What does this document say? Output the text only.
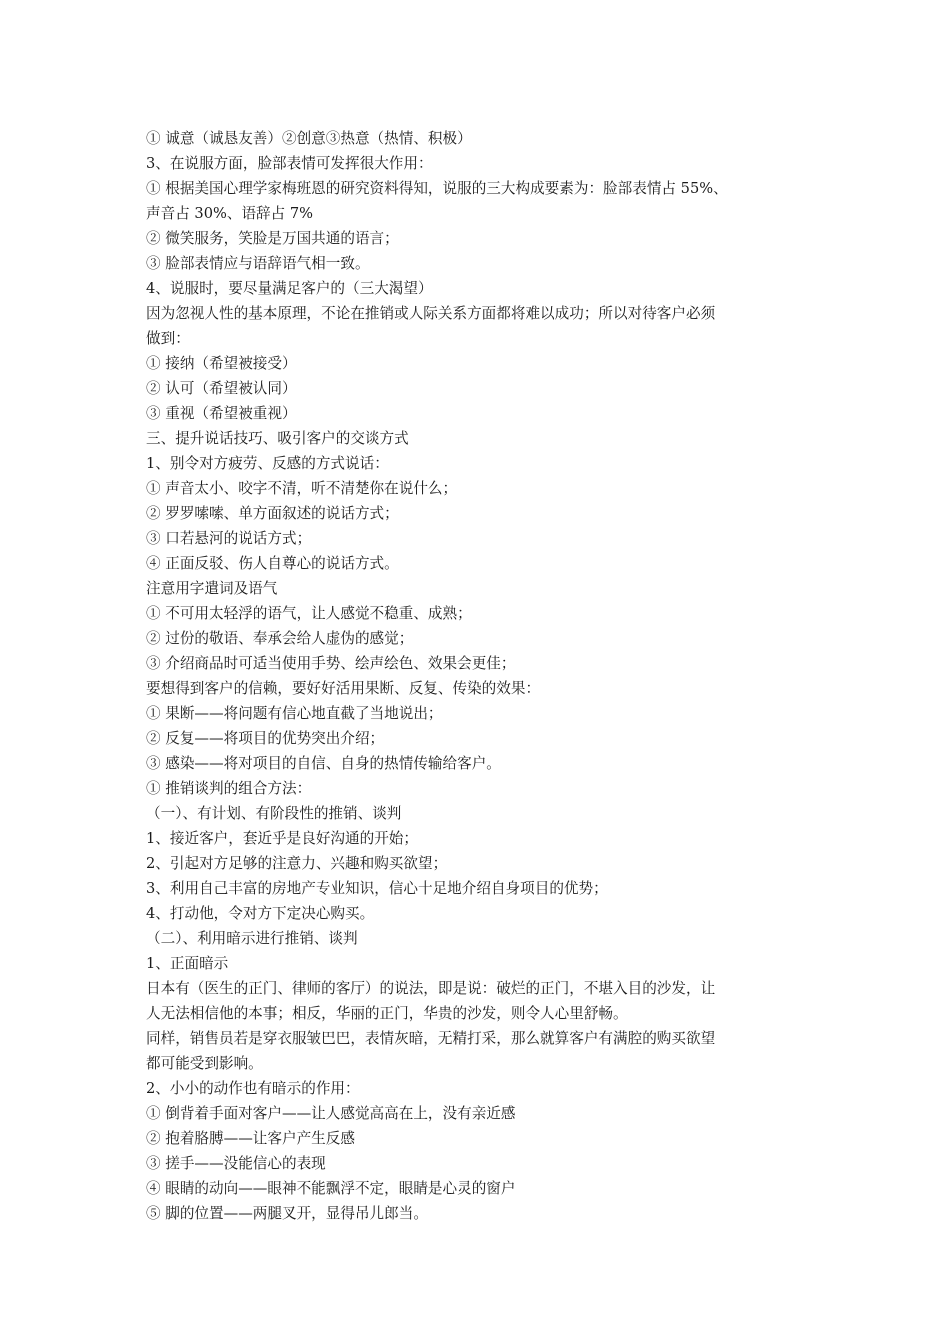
① 诚意（诚恳友善）②创意③热意（热情、积极）
3、在说服方面，脸部表情可发挥很大作用：
① 根据美国心理学家梅班恩的研究资料得知，说服的三大构成要素为：脸部表情占 55%、
声音占 30%、语辞占 7%
② 微笑服务，笑脸是万国共通的语言；
③ 脸部表情应与语辞语气相一致。
4、说服时，要尽量满足客户的（三大渴望）
因为忽视人性的基本原理，不论在推销或人际关系方面都将难以成功；所以对待客户必须
做到：
① 接纳（希望被接受）
② 认可（希望被认同）
③ 重视（希望被重视）
三、提升说话技巧、吸引客户的交谈方式
1、别令对方疲劳、反感的方式说话：
① 声音太小、咬字不清，听不清楚你在说什么；
② 罗罗嗦嗦、单方面叙述的说话方式；
③ 口若悬河的说话方式；
④ 正面反驳、伤人自尊心的说话方式。
注意用字遣词及语气
① 不可用太轻浮的语气，让人感觉不稳重、成熟；
② 过份的敬语、奉承会给人虚伪的感觉；
③ 介绍商品时可适当使用手势、绘声绘色、效果会更佳；
要想得到客户的信赖，要好好活用果断、反复、传染的效果：
① 果断——将问题有信心地直截了当地说出；
② 反复——将项目的优势突出介绍；
③ 感染——将对项目的自信、自身的热情传输给客户。
① 推销谈判的组合方法：
（一）、有计划、有阶段性的推销、谈判
1、接近客户，套近乎是良好沟通的开始；
2、引起对方足够的注意力、兴趣和购买欲望；
3、利用自己丰富的房地产专业知识，信心十足地介绍自身项目的优势；
4、打动他，令对方下定决心购买。
（二）、利用暗示进行推销、谈判
1、正面暗示
日本有（医生的正门、律师的客厅）的说法，即是说：破烂的正门，不堪入目的沙发，让
人无法相信他的本事；相反，华丽的正门，华贵的沙发，则令人心里舒畅。
同样，销售员若是穿衣服皱巴巴，表情灰暗，无精打采，那么就算客户有满腔的购买欲望
都可能受到影响。
2、小小的动作也有暗示的作用：
① 倒背着手面对客户——让人感觉高高在上，没有亲近感
② 抱着胳膊——让客户产生反感
③ 搓手——没能信心的表现
④ 眼睛的动向——眼神不能飘浮不定，眼睛是心灵的窗户
⑤ 脚的位置——两腿叉开，显得吊儿郎当。
